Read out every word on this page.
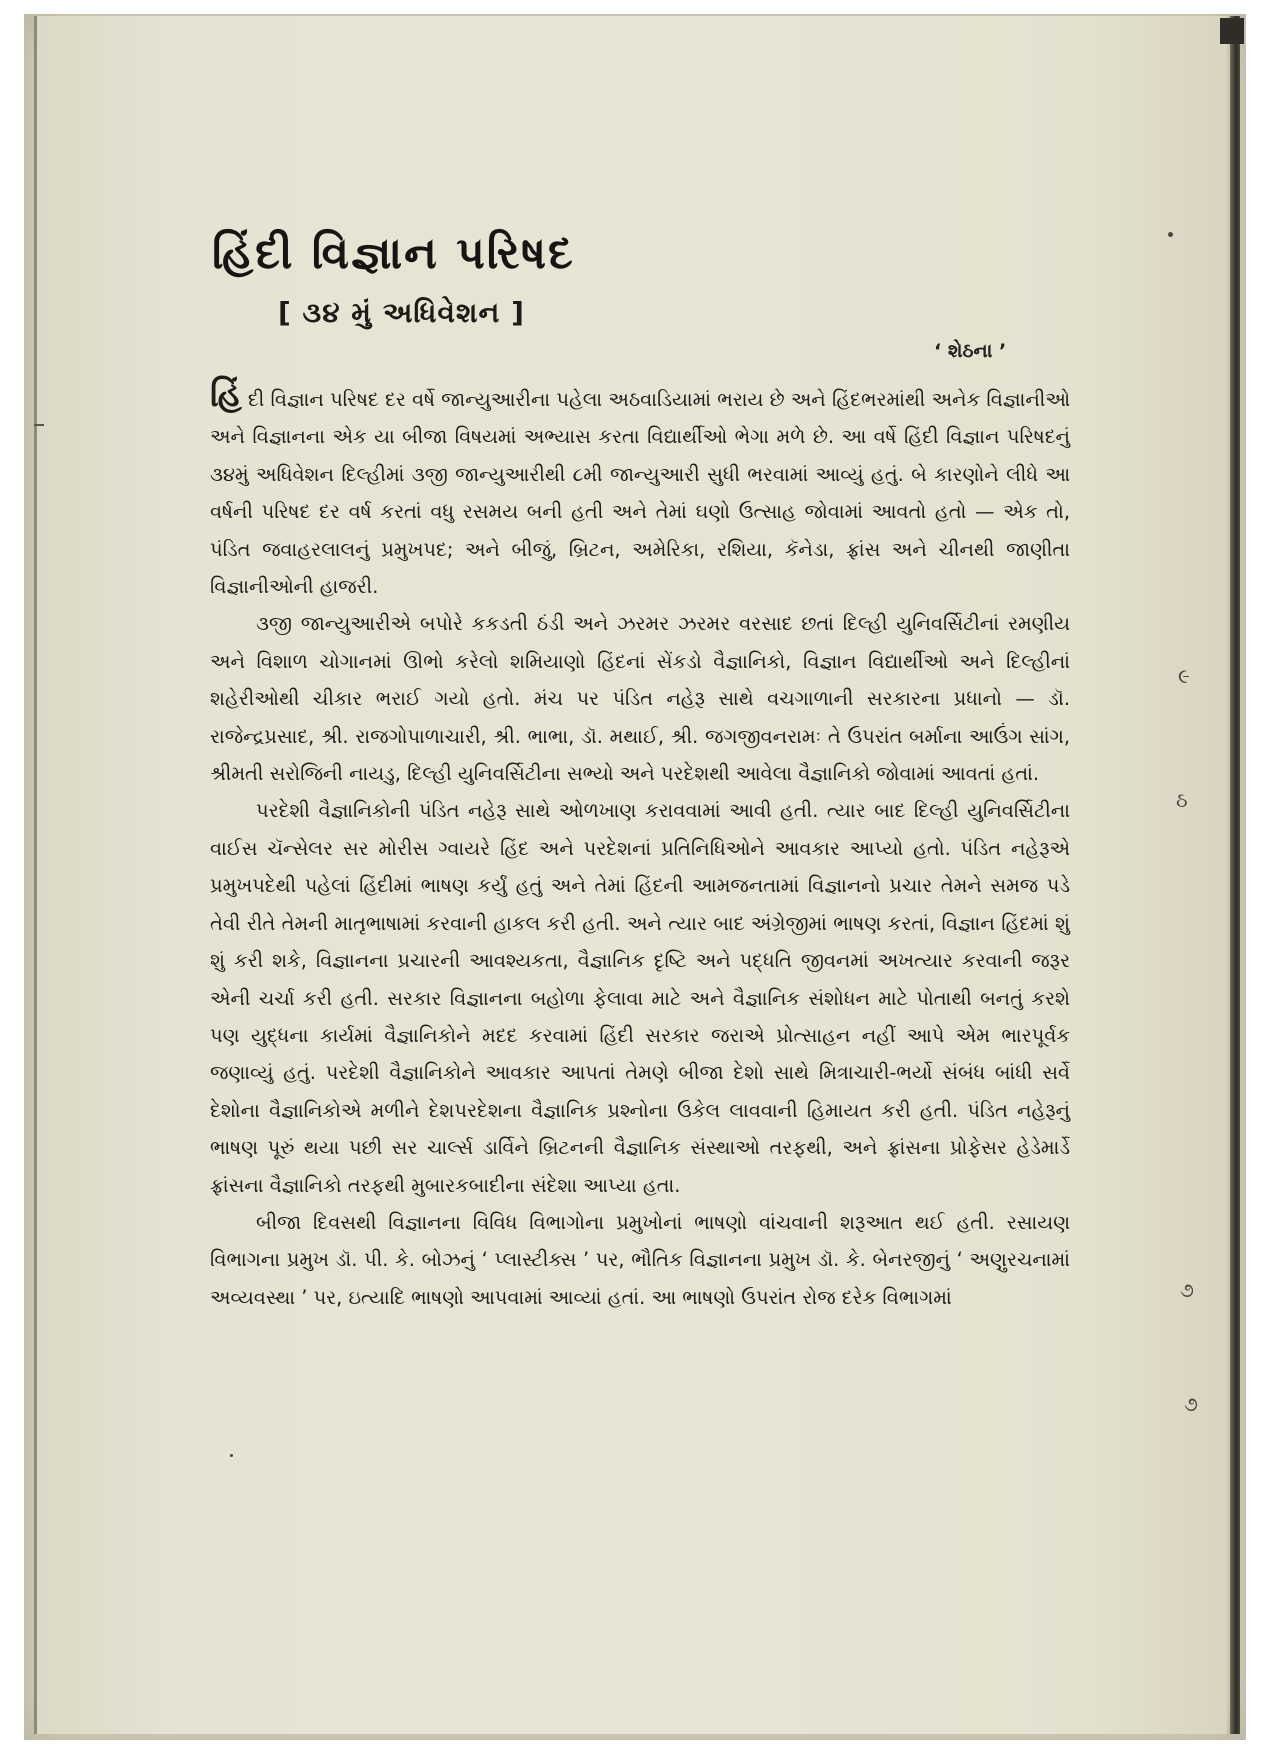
હિંદી વિજ્ઞાન પરિષદ
[ ૩૪ મું અધિવેશન ]
‘ શેઠના ’

હિંદી વિજ્ઞાન પરિષદ દર વર્ષે જાન્યુઆરીના પહેલા અઠવાડિયામાં ભરાય છે અને હિંદભરમાંથી અનેક વિજ્ઞાનીઓ અને વિજ્ઞાનના એક યા બીજા વિષયમાં અભ્યાસ કરતા વિદ્યાર્થીઓ ભેગા મળે છે. આ વર્ષે હિંદી વિજ્ઞાન પરિષદનું ૩૪મું અધિવેશન દિલ્હીમાં ૩જી જાન્યુઆરીથી ૮મી જાન્યુઆરી સુધી ભરવામાં આવ્યું હતું. બે કારણોને લીધે આ વર્ષની પરિષદ દર વર્ષ કરતાં વધુ રસમય બની હતી અને તેમાં ઘણો ઉત્સાહ જોવામાં આવતો હતો — એક તો, પંડિત જવાહરલાલનું પ્રમુખપદ; અને બીજું, બ્રિટન, અમેરિકા, રશિયા, કૅનેડા, ફ્રાંસ અને ચીનથી જાણીતા વિજ્ઞાનીઓની હાજરી.

૩જી જાન્યુઆરીએ બપોરે કકડતી ઠંડી અને ઝરમર ઝરમર વરસાદ છતાં દિલ્હી યુનિવર્સિટીનાં રમણીય અને વિશાળ ચોગાનમાં ઊભો કરેલો શમિયાણો હિંદનાં સેંકડો વૈજ્ઞાનિકો, વિજ્ઞાન વિદ્યાર્થીઓ અને દિલ્હીનાં શહેરીઓથી ચીકાર ભરાઈ ગયો હતો. મંચ પર પંડિત નહેરૂ સાથે વચગાળાની સરકારના પ્રધાનો — ડૉ. રાજેન્દ્રપ્રસાદ, શ્રી. રાજગોપાળાચારી, શ્રી. ભાભા, ડૉ. મથાઈ, શ્રી. જગજીવનરામઃ તે ઉપરાંત બર્માના આઉંગ સાંગ, શ્રીમતી સરોજિની નાયડુ, દિલ્હી યુનિવર્સિટીના સભ્યો અને પરદેશથી આવેલા વૈજ્ઞાનિકો જોવામાં આવતાં હતાં.

પરદેશી વૈજ્ઞાનિકોની પંડિત નહેરૂ સાથે ઓળખાણ કરાવવામાં આવી હતી. ત્યાર બાદ દિલ્હી યુનિવર્સિટીના વાઈસ ચૅન્સેલર સર મોરીસ ગ્વાયરે હિંદ અને પરદેશનાં પ્રતિનિધિઓને આવકાર આપ્યો હતો. પંડિત નહેરૂએ પ્રમુખપદેથી પહેલાં હિંદીમાં ભાષણ કર્યું હતું અને તેમાં હિંદની આમજનતામાં વિજ્ઞાનનો પ્રચાર તેમને સમજ પડે તેવી રીતે તેમની માતૃભાષામાં કરવાની હાકલ કરી હતી. અને ત્યાર બાદ અંગ્રેજીમાં ભાષણ કરતાં, વિજ્ઞાન હિંદમાં શું શું કરી શકે, વિજ્ઞાનના પ્રચારની આવશ્યકતા, વૈજ્ઞાનિક દૃષ્ટિ અને પદ્ધતિ જીવનમાં અખત્યાર કરવાની જરૂર એની ચર્ચા કરી હતી. સરકાર વિજ્ઞાનના બહોળા ફેલાવા માટે અને વૈજ્ઞાનિક સંશોધન માટે પોતાથી બનતું કરશે પણ યુદ્ધના કાર્યમાં વૈજ્ઞાનિકોને મદદ કરવામાં હિંદી સરકાર જરાએ પ્રોત્સાહન નહીં આપે એમ ભારપૂર્વક જણાવ્યું હતું. પરદેશી વૈજ્ઞાનિકોને આવકાર આપતાં તેમણે બીજા દેશો સાથે મિત્રાચારી-ભર્યો સંબંધ બાંધી સર્વે દેશોના વૈજ્ઞાનિકોએ મળીને દેશપરદેશના વૈજ્ઞાનિક પ્રશ્નોના ઉકેલ લાવવાની હિમાયત કરી હતી. પંડિત નહેરૂનું ભાષણ પૂરું થયા પછી સર ચાર્લ્સ ડાર્વિને બ્રિટનની વૈજ્ઞાનિક સંસ્થાઓ તરફથી, અને ફ્રાંસના પ્રોફેસર હેડેમાર્ડે ફ્રાંસના વૈજ્ઞાનિકો તરફથી મુબારકબાદીના સંદેશા આપ્યા હતા.

બીજા દિવસથી વિજ્ઞાનના વિવિધ વિભાગોના પ્રમુખોનાં ભાષણો વાંચવાની શરૂઆત થઈ હતી. રસાયણ વિભાગના પ્રમુખ ડૉ. પી. કે. બોઝનું ‘ પ્લાસ્ટીક્સ ’ પર, ભૌતિક વિજ્ઞાનના પ્રમુખ ડૉ. કે. બેનરજીનું ‘ અણુરચનામાં અવ્યવસ્થા ’ પર, ઇત્યાદિ ભાષણો આપવામાં આવ્યાં હતાં. આ ભાષણો ઉપરાંત રોજ દરેક વિભાગમાં

૯
ઠ
૭
૭
